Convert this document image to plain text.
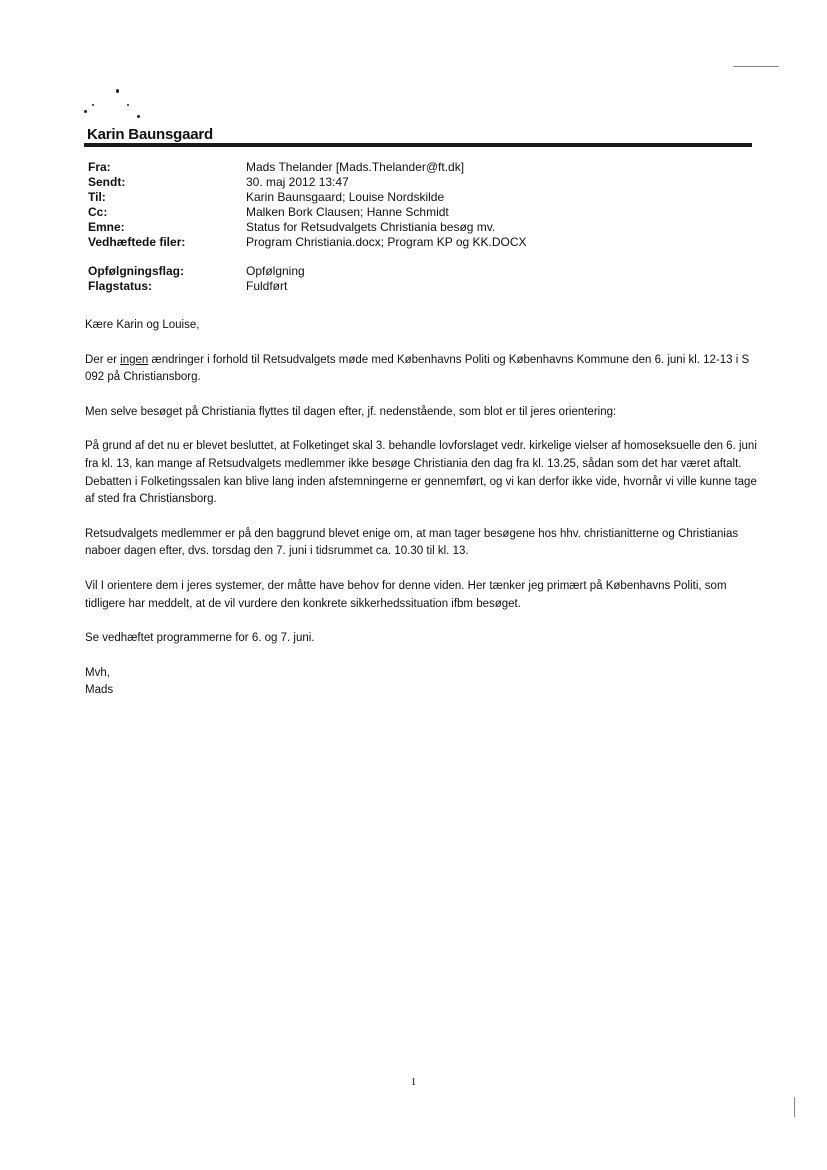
Karin Baunsgaard
Fra:	Mads Thelander [Mads.Thelander@ft.dk]
Sendt:	30. maj 2012 13:47
Til:	Karin Baunsgaard; Louise Nordskilde
Cc:	Malken Bork Clausen; Hanne Schmidt
Emne:	Status for Retsudvalgets Christiania besøg mv.
Vedhæftede filer:	Program Christiania.docx; Program KP og KK.DOCX
Opfølgningsflag:	Opfølgning
Flagstatus:	Fuldført

Kære Karin og Louise,

Der er ingen ændringer i forhold til Retsudvalgets møde med Københavns Politi og Københavns Kommune den 6. juni kl. 12-13 i S 092 på Christiansborg.

Men selve besøget på Christiania flyttes til dagen efter, jf. nedenstående, som blot er til jeres orientering:

På grund af det nu er blevet besluttet, at Folketinget skal 3. behandle lovforslaget vedr. kirkelige vielser af homoseksuelle den 6. juni fra kl. 13, kan mange af Retsudvalgets medlemmer ikke besøge Christiania den dag fra kl. 13.25, sådan som det har været aftalt. Debatten i Folketingssalen kan blive lang inden afstemningerne er gennemført, og vi kan derfor ikke vide, hvornår vi ville kunne tage af sted fra Christiansborg.

Retsudvalgets medlemmer er på den baggrund blevet enige om, at man tager besøgene hos hhv. christianitterne og Christianias naboer dagen efter, dvs. torsdag den 7. juni i tidsrummet ca. 10.30 til kl. 13.

Vil I orientere dem i jeres systemer, der måtte have behov for denne viden. Her tænker jeg primært på Københavns Politi, som tidligere har meddelt, at de vil vurdere den konkrete sikkerhedssituation ifbm besøget.

Se vedhæftet programmerne for 6. og 7. juni.

Mvh,

Mads

1
